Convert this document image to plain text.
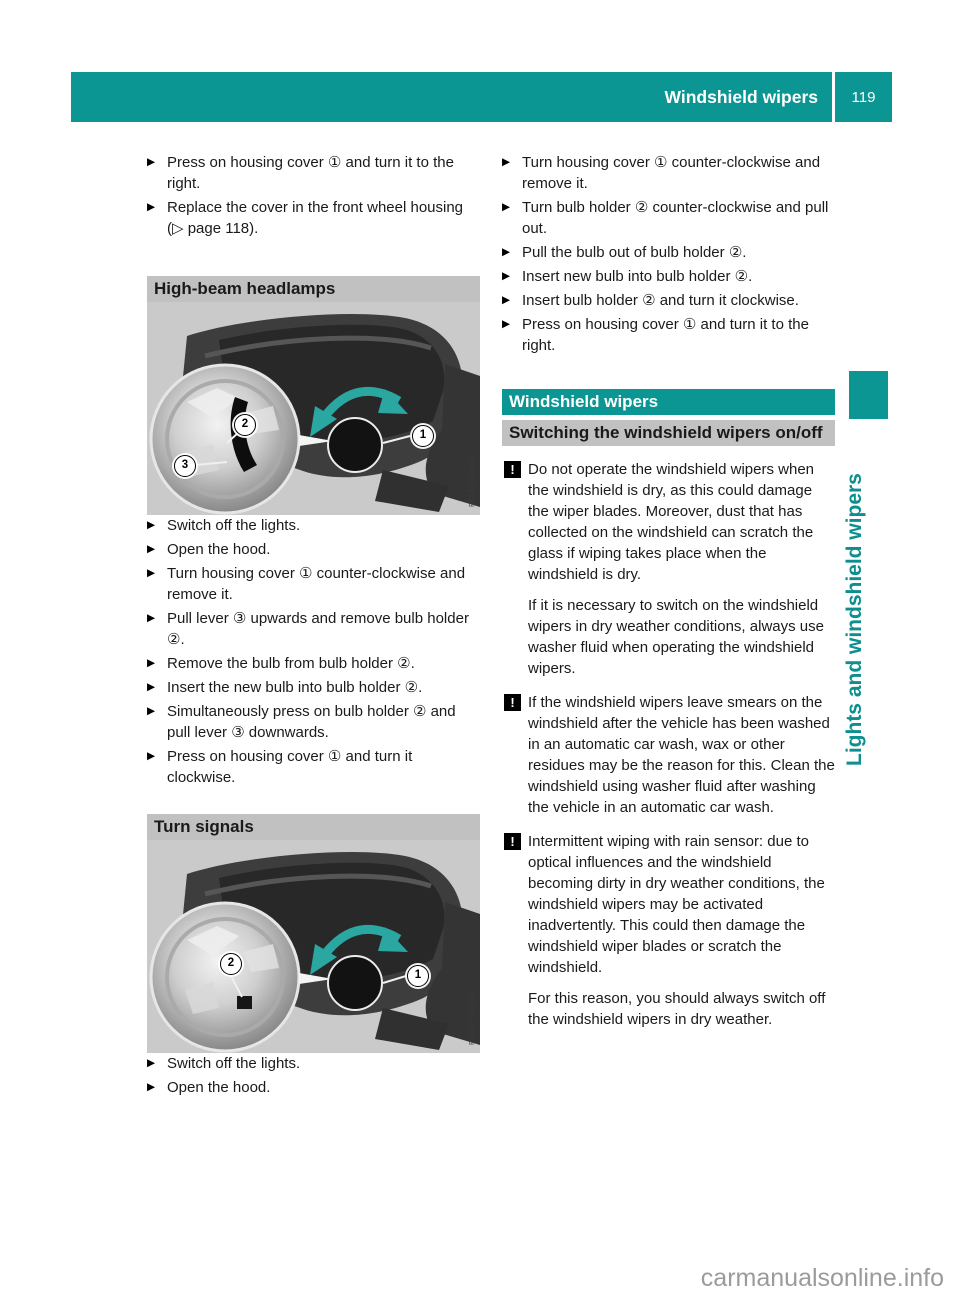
Windshield wipers 119
▶ Press on housing cover ① and turn it to the right.
▶ Replace the cover in the front wheel housing (▷ page 118).
High-beam headlamps
P82.10-7100-31
2
1
3
▶ Switch off the lights.
▶ Open the hood.
▶ Turn housing cover ① counter-clockwise and remove it.
▶ Pull lever ③ upwards and remove bulb holder ②.
▶ Remove the bulb from bulb holder ②.
▶ Insert the new bulb into bulb holder ②.
▶ Simultaneously press on bulb holder ② and pull lever ③ downwards.
▶ Press on housing cover ① and turn it clockwise.
Turn signals
P82.10-7121-31
2
1
▶ Switch off the lights.
▶ Open the hood.
▶ Turn housing cover ① counter-clockwise and remove it.
▶ Turn bulb holder ② counter-clockwise and pull out.
▶ Pull the bulb out of bulb holder ②.
▶ Insert new bulb into bulb holder ②.
▶ Insert bulb holder ② and turn it clockwise.
▶ Press on housing cover ① and turn it to the right.
Windshield wipers
Switching the windshield wipers on/off
! Do not operate the windshield wipers when the windshield is dry, as this could damage the wiper blades. Moreover, dust that has collected on the windshield can scratch the glass if wiping takes place when the windshield is dry.

If it is necessary to switch on the windshield wipers in dry weather conditions, always use washer fluid when operating the windshield wipers.

! If the windshield wipers leave smears on the windshield after the vehicle has been washed in an automatic car wash, wax or other residues may be the reason for this. Clean the windshield using washer fluid after washing the vehicle in an automatic car wash.

! Intermittent wiping with rain sensor: due to optical influences and the windshield becoming dirty in dry weather conditions, the windshield wipers may be activated inadvertently. This could then damage the windshield wiper blades or scratch the windshield.

For this reason, you should always switch off the windshield wipers in dry weather.

Lights and windshield wipers
carmanualsonline.info
